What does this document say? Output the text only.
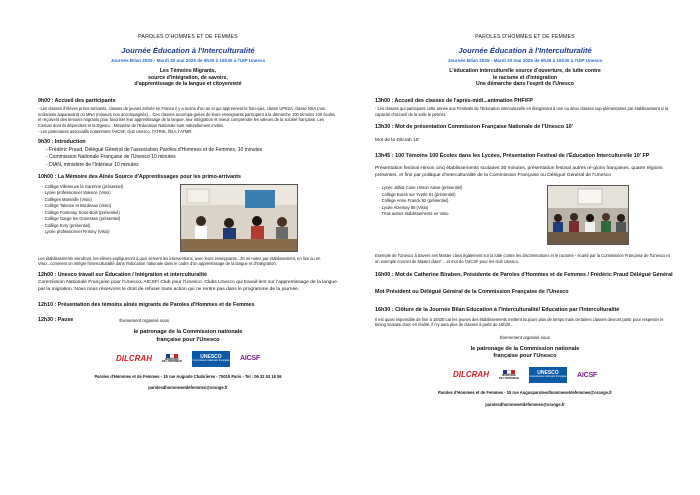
PAROLES D'HOMMES ET DE FEMMES
Journée Éducation à l'Interculturalité
Journée Bilan 2025 - Mardi 20 mai 2025 de 9h30 à 16h30 à l'UIP Unesco
Les Témoins Migrants,
source d'intégration, de savoirs,
d'apprentissage de la langue et citoyenneté
9h00 : Accueil des participants
- Les classes d'élèves primo-arrivants, classes de jeunes arrivés en France il y a moins d'un an et qui apprennent le fran-çais, classe UPE2A, classe NSA (non scolarisés auparavant) ou MNA (mineurs non accompagnés)... Ces classes accompa-gnées de leurs enseignants participent à la démarche 100 témoins 100 écoles et reçoivent des témoins migrants pour favoriser leur apprentissage de la langue, leur intégration et mieux comprendre les valeurs de la société française. Les Casnav dont ils dépendent et la Dgesco , Ministère de l'Education Nationale sont naturellement invités.
- Les partenaires associatifs notamment l'AICSF, club Unesco, l'ATRIS, l'EIA, l'ATMR.
9h30 : Introduction
- Frédéric Praud, Délégué Général de l'association Paroles d'Hommes et de Femmes, 10 minutes
- Commission Nationale Française de l'Unesco 10 minutes
- DIAN, ministère de l'Intérieur 10 minutes
10h00 : La Mémoire des Aînés Source d'Apprentissages pour les primo-arrivants
· Collège Villeneuve la Garenne (présentiel)
· Lycée professionnel Valence (Visio)
· Collèges Marseille (Visio)
· Collège Talence et Bordeaux (Visio)
· Collège Fontenay Sous-Bois (présentiel)
· Collège Garge les Gonesses (présentiel)
· Collège Evry (présentiel)
· Lycée professionnel Firminy (Visio)
Les établissements viendront, les élèves expliqueront à quoi servent les interventions, avec leurs enseignants...20 mi-nutes par établissement, en live ou en Visio...comment on intègre l'interculturalité dans l'éducation nationale dans le cadre d'un apprentissage de la langue et d'intégration.
12h00 : Unesco travail sur Éducation / Intégration et interculturalité
Commission Nationale Française pour l'Unesco, AICSF/ Club pour l'Unesco. Clubs Unesco qui travail-lent sur l'apprentissage de la langue par la migration. Nous nous réservons le droit de refuser toute action qui ne rentre pas dans le programme de la journée.
12h10 : Présentation des témoins aînés migrants de Paroles d'Hommes et de Femmes
12h30 : Pause	Évenement organisé sous
le patronage de la Commission nationale
française pour l'Unesco
DILCRAH	MINISTÈRE
DE L'INTÉRIEUR
UNESCO
Commission nationale française AICSF
Paroles d'Hommes et de Femmes - 15 rue Auguste Chabrières - 75015 Paris - Tel : 06 32 53 16 06
parolesdhommesetdefemmes@orange.fr
PAROLES D'HOMMES ET DE FEMMES
Journée Éducation à l'Interculturalité
Journée Bilan 2025 - Mardi 20 mai 2025 de 9h30 à 16h30 à l'UIP Unesco
L'éducation interculturelle source d'ouverture, de lutte contre
le racisme et d'intégration
Une démarche dans l'esprit de l'Unesco
13h00 : Accueil des classes de l'après-midi...animation PHF/FP
- Les classes qui participent cette année aux Festivals de l'Education interculturelle en élargissant à une ou deux classes sup-plémentaires par établissement si la capacité d'accueil de la salle le permet.
13h30 : Mot de présentation Commission Française Nationale de l'Unesco 10'
Mot de la Dilcrah 10'
13h45 : 100 Témoins 100 Écoles dans les Lycées, Présentation Festival de l'Éducation Interculturelle 10' FP
Présentation festival Hirson cinq établissements scolaires 30 minutes, présentation festival autres ré-gions françaises, quatre régions présentes, et finir par politique d'interculturalité de la Commission Française ou Délégué Général de l'Unesco
· Lycée Jolliot Curie Hirson Aisne (présentiel)
· Collège Bures sur Yvette 91 (présentiel)
· Collège Anne Franck 92 (présentiel)
· Lycée Alzemay 85 (Visio)
· Trois autres établissements en Visio
Exemple de l'Unesco à travers ses Master class également sur la lutte contre les discriminations et le racisme - écarté par la Commission Française de l'Unesco et un exemple concret de Master class"... et mot de l'AICSF pour les club Unesco.
16h00 : Mot de Catherine Biraben, Présidente de Paroles d'Hommes et de Femmes / Frédéric Praud Délégué Général
Mot Président ou Délégué Général de la Commission Française de l'Unesco
16h30 : Clôture de la Journée Bilan Education à l'Interculturalité/ Education par l'Interculturalité
Il est quasi impossible de finir à 16h30 car les jeunes des établissements mettent toujours plus de temps mais certaines classes devront partir pour respecter le timing scolaire donc en réalité, il n'y aura plus de classes à partir de 16h30...
Évenement organisé sous
le patronage de la Commission nationale
française pour l'Unesco
DILCRAH	MINISTÈRE
DE L'INTÉRIEUR
UNESCO
Commission nationale française AICSF
Paroles d'Hommes et de Femmes - 15 rue Augusparolesdhommesetdefemmes@orange.fr
parolesdhommesetdefemmes@orange.fr
